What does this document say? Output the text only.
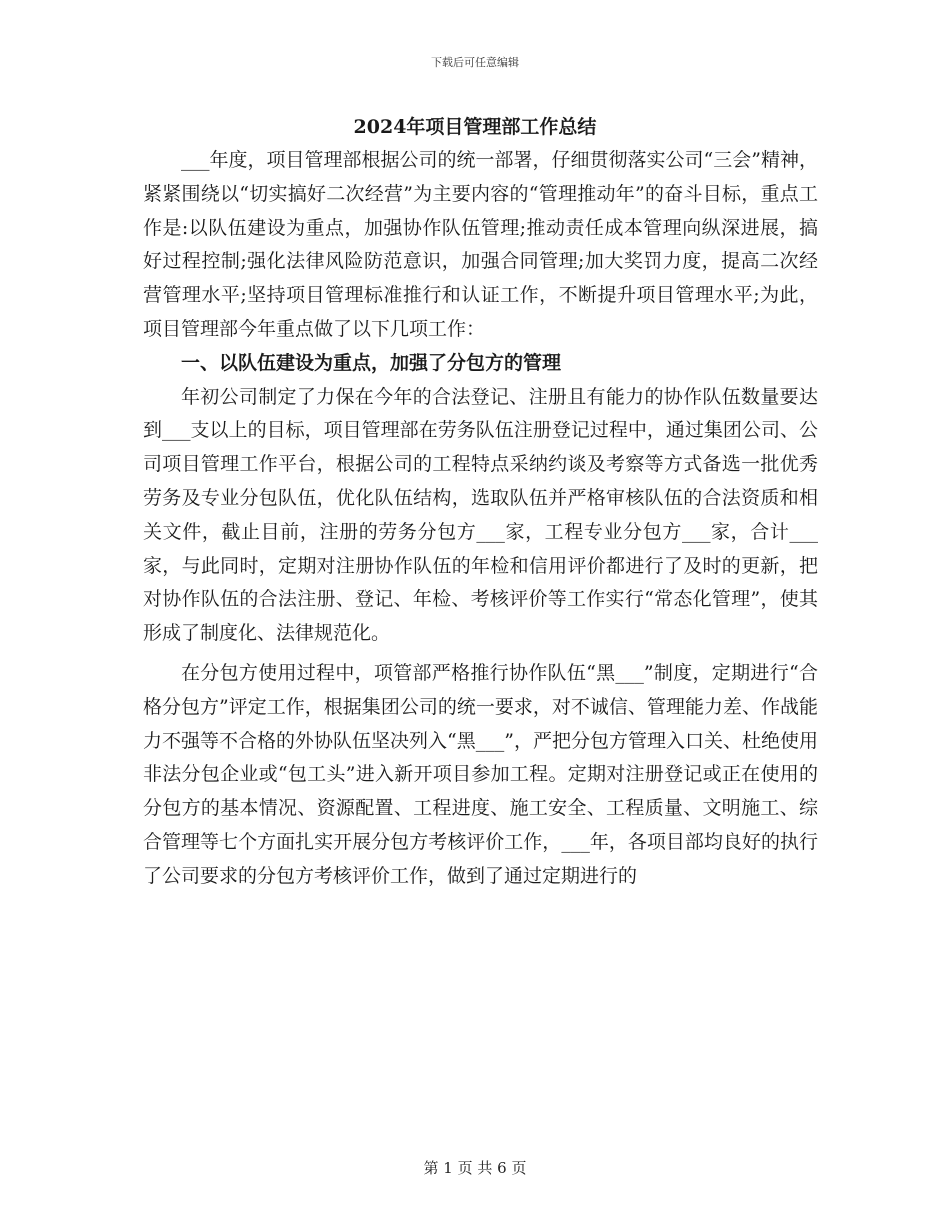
下载后可任意编辑
2024年项目管理部工作总结

___年度，项目管理部根据公司的统一部署，仔细贯彻落实公司“三会”精神，紧紧围绕以“切实搞好二次经营”为主要内容的“管理推动年”的奋斗目标，重点工作是:以队伍建设为重点，加强协作队伍管理;推动责任成本管理向纵深进展，搞好过程控制;强化法律风险防范意识，加强合同管理;加大奖罚力度，提高二次经营管理水平;坚持项目管理标准推行和认证工作，不断提升项目管理水平;为此，项目管理部今年重点做了以下几项工作：

一、以队伍建设为重点，加强了分包方的管理

年初公司制定了力保在今年的合法登记、注册且有能力的协作队伍数量要达到___支以上的目标，项目管理部在劳务队伍注册登记过程中，通过集团公司、公司项目管理工作平台，根据公司的工程特点采纳约谈及考察等方式备选一批优秀劳务及专业分包队伍，优化队伍结构，选取队伍并严格审核队伍的合法资质和相关文件，截止目前，注册的劳务分包方___家，工程专业分包方___家，合计___家，与此同时，定期对注册协作队伍的年检和信用评价都进行了及时的更新，把对协作队伍的合法注册、登记、年检、考核评价等工作实行“常态化管理”，使其形成了制度化、法律规范化。

在分包方使用过程中，项管部严格推行协作队伍“黑___”制度，定期进行“合格分包方”评定工作，根据集团公司的统一要求，对不诚信、管理能力差、作战能力不强等不合格的外协队伍坚决列入“黑___”，严把分包方管理入口关、杜绝使用非法分包企业或“包工头”进入新开项目参加工程。定期对注册登记或正在使用的分包方的基本情况、资源配置、工程进度、施工安全、工程质量、文明施工、综合管理等七个方面扎实开展分包方考核评价工作，___年，各项目部均良好的执行了公司要求的分包方考核评价工作，做到了通过定期进行的

第 1 页 共 6 页
